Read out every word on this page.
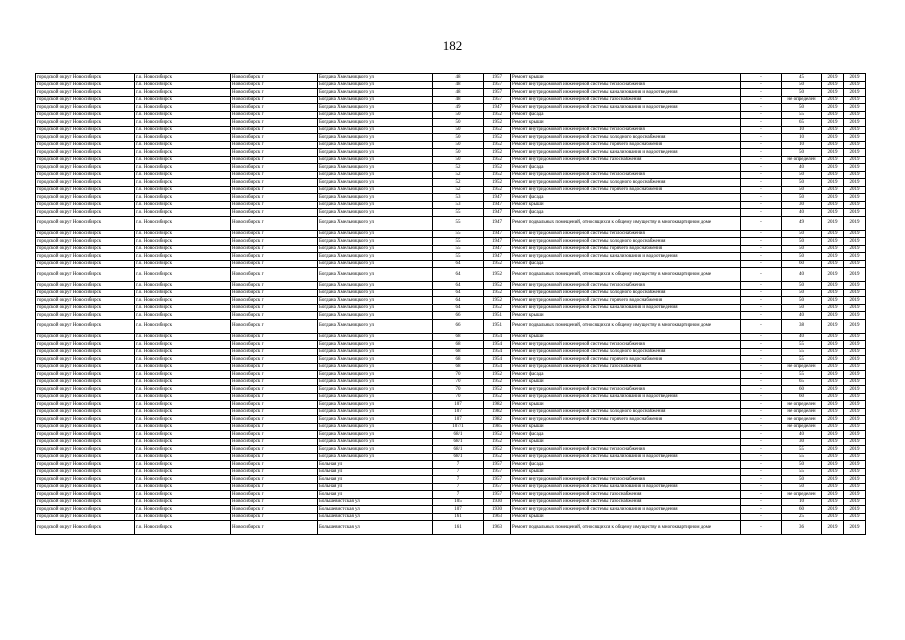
182
городской округ Новосибирск	г.о. Новосибирск	Новосибирск г	Богдана Хмельницкого ул	48	1957	Ремонт крыши	-	45	2019	2019
городской округ Новосибирск	г.о. Новосибирск	Новосибирск г	Богдана Хмельницкого ул	48	1957	Ремонт внутридомовой инженерной системы теплоснабжения	-	50	2019	2019
городской округ Новосибирск	г.о. Новосибирск	Новосибирск г	Богдана Хмельницкого ул	48	1957	Ремонт внутридомовой инженерной системы канализования и водоотведения	-	50	2019	2019
городской округ Новосибирск	г.о. Новосибирск	Новосибирск г	Богдана Хмельницкого ул	48	1957	Ремонт внутридомовой инженерной системы газоснабжения	-	не определен	2019	2019
городской округ Новосибирск	г.о. Новосибирск	Новосибирск г	Богдана Хмельницкого ул	49	1947	Ремонт внутридомовой инженерной системы канализования и водоотведения	-	50	2019	2019
городской округ Новосибирск	г.о. Новосибирск	Новосибирск г	Богдана Хмельницкого ул	50	1952	Ремонт фасада	-	55	2019	2019
городской округ Новосибирск	г.о. Новосибирск	Новосибирск г	Богдана Хмельницкого ул	50	1952	Ремонт крыши	-	65	2019	2019
городской округ Новосибирск	г.о. Новосибирск	Новосибирск г	Богдана Хмельницкого ул	50	1952	Ремонт внутридомовой инженерной системы теплоснабжения	-	10	2019	2019
городской округ Новосибирск	г.о. Новосибирск	Новосибирск г	Богдана Хмельницкого ул	50	1952	Ремонт внутридомовой инженерной системы холодного водоснабжения	-	10	2019	2019
городской округ Новосибирск	г.о. Новосибирск	Новосибирск г	Богдана Хмельницкого ул	50	1952	Ремонт внутридомовой инженерной системы горячего водоснабжения	-	10	2019	2019
городской округ Новосибирск	г.о. Новосибирск	Новосибирск г	Богдана Хмельницкого ул	50	1952	Ремонт внутридомовой инженерной системы канализования и водоотведения	-	50	2019	2019
городской округ Новосибирск	г.о. Новосибирск	Новосибирск г	Богдана Хмельницкого ул	50	1952	Ремонт внутридомовой инженерной системы газоснабжения	-	не определен	2019	2019
городской округ Новосибирск	г.о. Новосибирск	Новосибирск г	Богдана Хмельницкого ул	52	1952	Ремонт фасада	-	40	2019	2019
городской округ Новосибирск	г.о. Новосибирск	Новосибирск г	Богдана Хмельницкого ул	52	1952	Ремонт внутридомовой инженерной системы теплоснабжения	-	50	2019	2019
городской округ Новосибирск	г.о. Новосибирск	Новосибирск г	Богдана Хмельницкого ул	52	1952	Ремонт внутридомовой инженерной системы холодного водоснабжения	-	50	2019	2019
городской округ Новосибирск	г.о. Новосибирск	Новосибирск г	Богдана Хмельницкого ул	52	1952	Ремонт внутридомовой инженерной системы горячего водоснабжения	-	50	2019	2019
городской округ Новосибирск	г.о. Новосибирск	Новосибирск г	Богдана Хмельницкого ул	53	1947	Ремонт фасада	-	50	2019	2019
городской округ Новосибирск	г.о. Новосибирск	Новосибирск г	Богдана Хмельницкого ул	53	1947	Ремонт крыши	-	30	2019	2019
городской округ Новосибирск	г.о. Новосибирск	Новосибирск г	Богдана Хмельницкого ул	55	1947	Ремонт фасада	-	40	2019	2019
городской округ Новосибирск	г.о. Новосибирск	Новосибирск г	Богдана Хмельницкого ул	55	1947	Ремонт подвальных помещений, относящихся к общему имуществу в многоквартирном доме	-	49	2019	2019
городской округ Новосибирск	г.о. Новосибирск	Новосибирск г	Богдана Хмельницкого ул	55	1947	Ремонт внутридомовой инженерной системы теплоснабжения	-	50	2019	2019
городской округ Новосибирск	г.о. Новосибирск	Новосибирск г	Богдана Хмельницкого ул	55	1947	Ремонт внутридомовой инженерной системы холодного водоснабжения	-	50	2019	2019
городской округ Новосибирск	г.о. Новосибирск	Новосибирск г	Богдана Хмельницкого ул	55	1947	Ремонт внутридомовой инженерной системы горячего водоснабжения	-	50	2019	2019
городской округ Новосибирск	г.о. Новосибирск	Новосибирск г	Богдана Хмельницкого ул	55	1947	Ремонт внутридомовой инженерной системы канализования и водоотведения	-	50	2019	2019
городской округ Новосибирск	г.о. Новосибирск	Новосибирск г	Богдана Хмельницкого ул	64	1952	Ремонт фасада	-	60	2019	2019
городской округ Новосибирск	г.о. Новосибирск	Новосибирск г	Богдана Хмельницкого ул	64	1952	Ремонт подвальных помещений, относящихся к общему имуществу в многоквартирном доме	-	40	2019	2019
городской округ Новосибирск	г.о. Новосибирск	Новосибирск г	Богдана Хмельницкого ул	64	1952	Ремонт внутридомовой инженерной системы теплоснабжения	-	50	2019	2019
городской округ Новосибирск	г.о. Новосибирск	Новосибирск г	Богдана Хмельницкого ул	64	1952	Ремонт внутридомовой инженерной системы холодного водоснабжения	-	50	2019	2019
городской округ Новосибирск	г.о. Новосибирск	Новосибирск г	Богдана Хмельницкого ул	64	1952	Ремонт внутридомовой инженерной системы горячего водоснабжения	-	50	2019	2019
городской округ Новосибирск	г.о. Новосибирск	Новосибирск г	Богдана Хмельницкого ул	64	1952	Ремонт внутридомовой инженерной системы канализования и водоотведения	-	50	2019	2019
городской округ Новосибирск	г.о. Новосибирск	Новосибирск г	Богдана Хмельницкого ул	66	1951	Ремонт крыши	-	40	2019	2019
городской округ Новосибирск	г.о. Новосибирск	Новосибирск г	Богдана Хмельницкого ул	66	1951	Ремонт подвальных помещений, относящихся к общему имуществу в многоквартирном доме	-	38	2019	2019
городской округ Новосибирск	г.о. Новосибирск	Новосибирск г	Богдана Хмельницкого ул	68	1954	Ремонт крыши	-	40	2019	2019
городской округ Новосибирск	г.о. Новосибирск	Новосибирск г	Богдана Хмельницкого ул	68	1954	Ремонт внутридомовой инженерной системы теплоснабжения	-	55	2019	2019
городской округ Новосибирск	г.о. Новосибирск	Новосибирск г	Богдана Хмельницкого ул	68	1954	Ремонт внутридомовой инженерной системы холодного водоснабжения	-	55	2019	2019
городской округ Новосибирск	г.о. Новосибирск	Новосибирск г	Богдана Хмельницкого ул	68	1954	Ремонт внутридомовой инженерной системы горячего водоснабжения	-	55	2019	2019
городской округ Новосибирск	г.о. Новосибирск	Новосибирск г	Богдана Хмельницкого ул	68	1954	Ремонт внутридомовой инженерной системы газоснабжения	-	не определен	2019	2019
городской округ Новосибирск	г.о. Новосибирск	Новосибирск г	Богдана Хмельницкого ул	70	1952	Ремонт фасада	-	55	2019	2019
городской округ Новосибирск	г.о. Новосибирск	Новосибирск г	Богдана Хмельницкого ул	70	1952	Ремонт крыши	-	65	2019	2019
городской округ Новосибирск	г.о. Новосибирск	Новосибирск г	Богдана Хмельницкого ул	70	1952	Ремонт внутридомовой инженерной системы теплоснабжения	-	60	2019	2019
городской округ Новосибирск	г.о. Новосибирск	Новосибирск г	Богдана Хмельницкого ул	70	1952	Ремонт внутридомовой инженерной системы канализования и водоотведения	-	60	2019	2019
городской округ Новосибирск	г.о. Новосибирск	Новосибирск г	Богдана Хмельницкого ул	107	1982	Ремонт крыши	-	не определен	2019	2019
городской округ Новосибирск	г.о. Новосибирск	Новосибирск г	Богдана Хмельницкого ул	107	1982	Ремонт внутридомовой инженерной системы холодного водоснабжения	-	не определен	2019	2019
городской округ Новосибирск	г.о. Новосибирск	Новосибирск г	Богдана Хмельницкого ул	107	1982	Ремонт внутридомовой инженерной системы горячего водоснабжения	-	не определен	2019	2019
городской округ Новосибирск	г.о. Новосибирск	Новосибирск г	Богдана Хмельницкого ул	107/1	1985	Ремонт крыши	-	не определен	2019	2019
городской округ Новосибирск	г.о. Новосибирск	Новосибирск г	Богдана Хмельницкого ул	68/1	1952	Ремонт фасада	-	40	2019	2019
городской округ Новосибирск	г.о. Новосибирск	Новосибирск г	Богдана Хмельницкого ул	68/1	1952	Ремонт крыши	-	30	2019	2019
городской округ Новосибирск	г.о. Новосибирск	Новосибирск г	Богдана Хмельницкого ул	68/1	1952	Ремонт внутридомовой инженерной системы теплоснабжения	-	55	2019	2019
городской округ Новосибирск	г.о. Новосибирск	Новосибирск г	Богдана Хмельницкого ул	68/1	1952	Ремонт внутридомовой инженерной системы канализования и водоотведения	-	55	2019	2019
городской округ Новосибирск	г.о. Новосибирск	Новосибирск г	Больная ул	7	1957	Ремонт фасада	-	50	2019	2019
городской округ Новосибирск	г.о. Новосибирск	Новосибирск г	Больная ул	7	1957	Ремонт крыши	-	55	2019	2019
городской округ Новосибирск	г.о. Новосибирск	Новосибирск г	Больная ул	7	1957	Ремонт внутридомовой инженерной системы теплоснабжения	-	50	2019	2019
городской округ Новосибирск	г.о. Новосибирск	Новосибирск г	Больная ул	7	1957	Ремонт внутридомовой инженерной системы канализования и водоотведения	-	50	2019	2019
городской округ Новосибирск	г.о. Новосибирск	Новосибирск г	Больная ул	7	1957	Ремонт внутридомовой инженерной системы газоснабжения	-	не определен	2019	2019
городской округ Новосибирск	г.о. Новосибирск	Новосибирск г	Большевистская ул	105	1930	Ремонт внутридомовой инженерной системы газоснабжения	-	10	2019	2019
городской округ Новосибирск	г.о. Новосибирск	Новосибирск г	Большевистская ул	107	1930	Ремонт внутридомовой инженерной системы канализования и водоотведения	-	60	2019	2019
городской округ Новосибирск	г.о. Новосибирск	Новосибирск г	Большевистская ул	161	1963	Ремонт крыши	-	25	2019	2019
городской округ Новосибирск	г.о. Новосибирск	Новосибирск г	Большевистская ул	161	1963	Ремонт подвальных помещений, относящихся к общему имуществу в многоквартирном доме	-	36	2019	2019
